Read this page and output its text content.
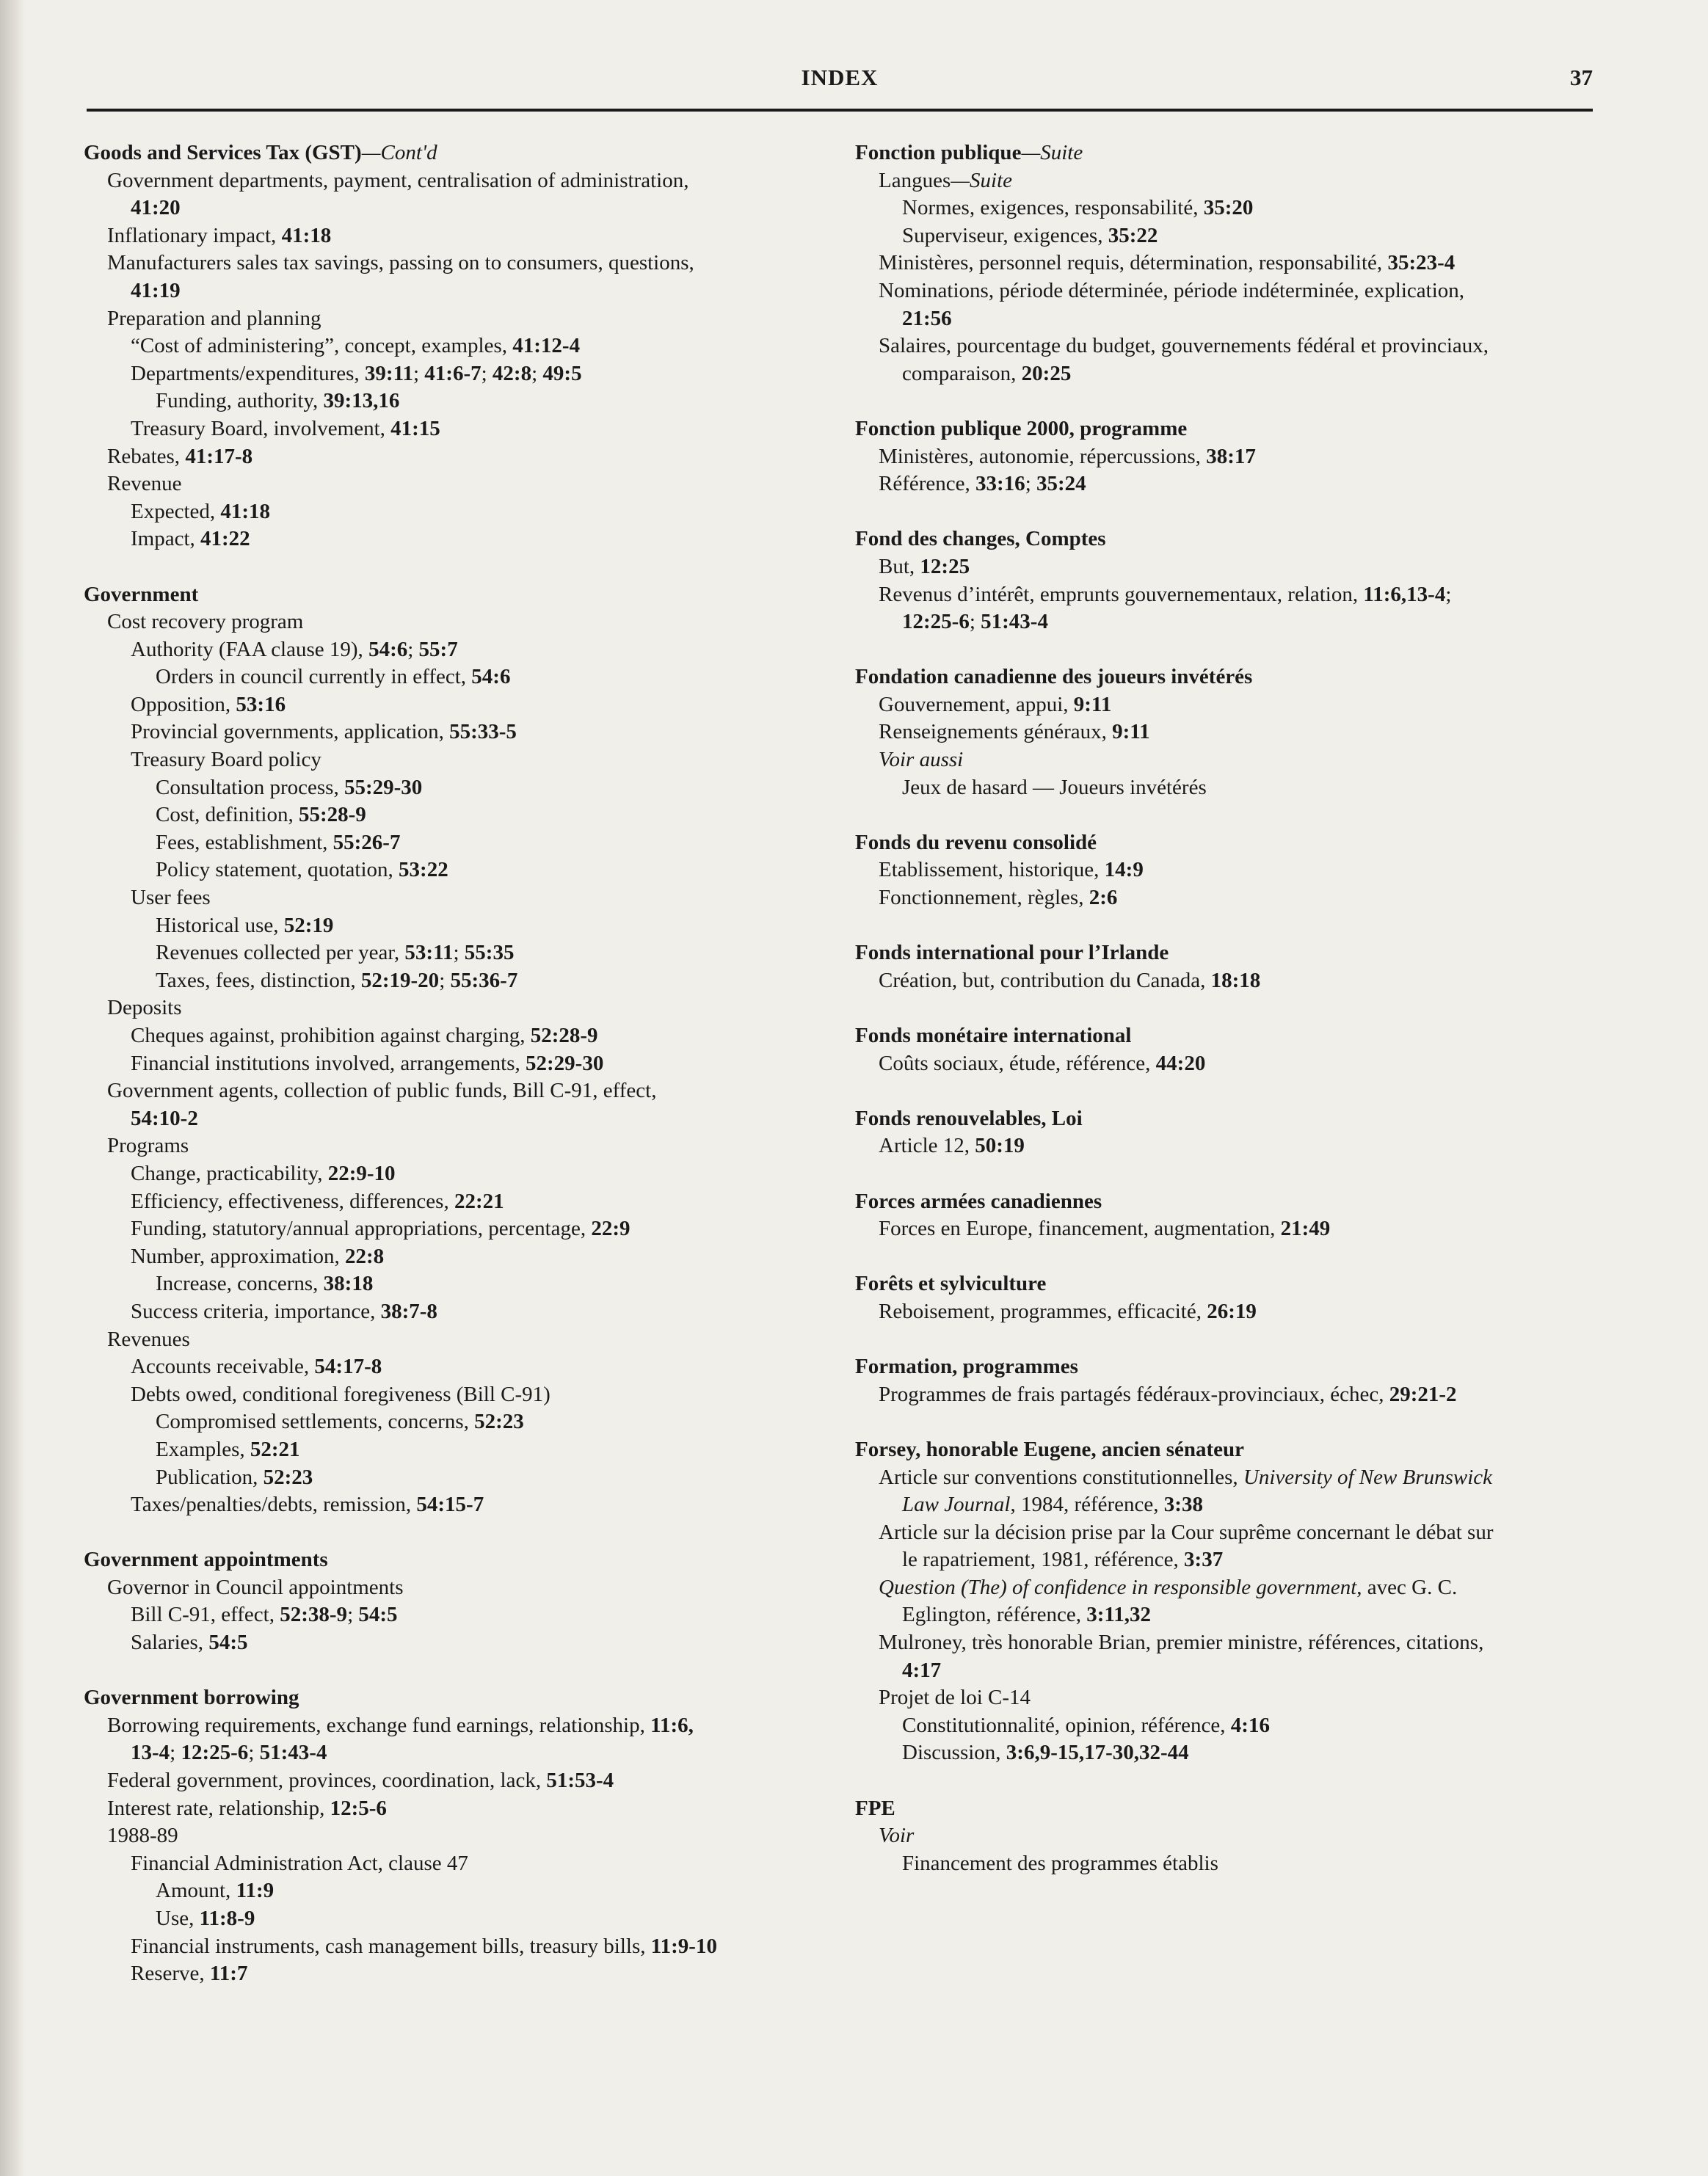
INDEX	37
Goods and Services Tax (GST)—Cont'd
Government departments, payment, centralisation of administration,
41:20
Inflationary impact, 41:18
Manufacturers sales tax savings, passing on to consumers, questions,
41:19
Preparation and planning
“Cost of administering”, concept, examples, 41:12-4
Departments/expenditures, 39:11; 41:6-7; 42:8; 49:5
Funding, authority, 39:13,16
Treasury Board, involvement, 41:15
Rebates, 41:17-8
Revenue
Expected, 41:18
Impact, 41:22
Government
Cost recovery program
Authority (FAA clause 19), 54:6; 55:7
Orders in council currently in effect, 54:6
Opposition, 53:16
Provincial governments, application, 55:33-5
Treasury Board policy
Consultation process, 55:29-30
Cost, definition, 55:28-9
Fees, establishment, 55:26-7
Policy statement, quotation, 53:22
User fees
Historical use, 52:19
Revenues collected per year, 53:11; 55:35
Taxes, fees, distinction, 52:19-20; 55:36-7
Deposits
Cheques against, prohibition against charging, 52:28-9
Financial institutions involved, arrangements, 52:29-30
Government agents, collection of public funds, Bill C-91, effect,
54:10-2
Programs
Change, practicability, 22:9-10
Efficiency, effectiveness, differences, 22:21
Funding, statutory/annual appropriations, percentage, 22:9
Number, approximation, 22:8
Increase, concerns, 38:18
Success criteria, importance, 38:7-8
Revenues
Accounts receivable, 54:17-8
Debts owed, conditional foregiveness (Bill C-91)
Compromised settlements, concerns, 52:23
Examples, 52:21
Publication, 52:23
Taxes/penalties/debts, remission, 54:15-7
Government appointments
Governor in Council appointments
Bill C-91, effect, 52:38-9; 54:5
Salaries, 54:5
Government borrowing
Borrowing requirements, exchange fund earnings, relationship, 11:6,
13-4; 12:25-6; 51:43-4
Federal government, provinces, coordination, lack, 51:53-4
Interest rate, relationship, 12:5-6
1988-89
Financial Administration Act, clause 47
Amount, 11:9
Use, 11:8-9
Financial instruments, cash management bills, treasury bills, 11:9-10
Reserve, 11:7
Fonction publique—Suite
Langues—Suite
Normes, exigences, responsabilité, 35:20
Superviseur, exigences, 35:22
Ministères, personnel requis, détermination, responsabilité, 35:23-4
Nominations, période déterminée, période indéterminée, explication,
21:56
Salaires, pourcentage du budget, gouvernements fédéral et provinciaux,
comparaison, 20:25
Fonction publique 2000, programme
Ministères, autonomie, répercussions, 38:17
Référence, 33:16; 35:24
Fond des changes, Comptes
But, 12:25
Revenus d’intérêt, emprunts gouvernementaux, relation, 11:6,13-4;
12:25-6; 51:43-4
Fondation canadienne des joueurs invétérés
Gouvernement, appui, 9:11
Renseignements généraux, 9:11
Voir aussi
Jeux de hasard — Joueurs invétérés
Fonds du revenu consolidé
Etablissement, historique, 14:9
Fonctionnement, règles, 2:6
Fonds international pour l’Irlande
Création, but, contribution du Canada, 18:18
Fonds monétaire international
Coûts sociaux, étude, référence, 44:20
Fonds renouvelables, Loi
Article 12, 50:19
Forces armées canadiennes
Forces en Europe, financement, augmentation, 21:49
Forêts et sylviculture
Reboisement, programmes, efficacité, 26:19
Formation, programmes
Programmes de frais partagés fédéraux-provinciaux, échec, 29:21-2
Forsey, honorable Eugene, ancien sénateur
Article sur conventions constitutionnelles, University of New Brunswick
Law Journal, 1984, référence, 3:38
Article sur la décision prise par la Cour suprême concernant le débat sur
le rapatriement, 1981, référence, 3:37
Question (The) of confidence in responsible government, avec G. C.
Eglington, référence, 3:11,32
Mulroney, très honorable Brian, premier ministre, références, citations,
4:17
Projet de loi C-14
Constitutionnalité, opinion, référence, 4:16
Discussion, 3:6,9-15,17-30,32-44
FPE
Voir
Financement des programmes établis
